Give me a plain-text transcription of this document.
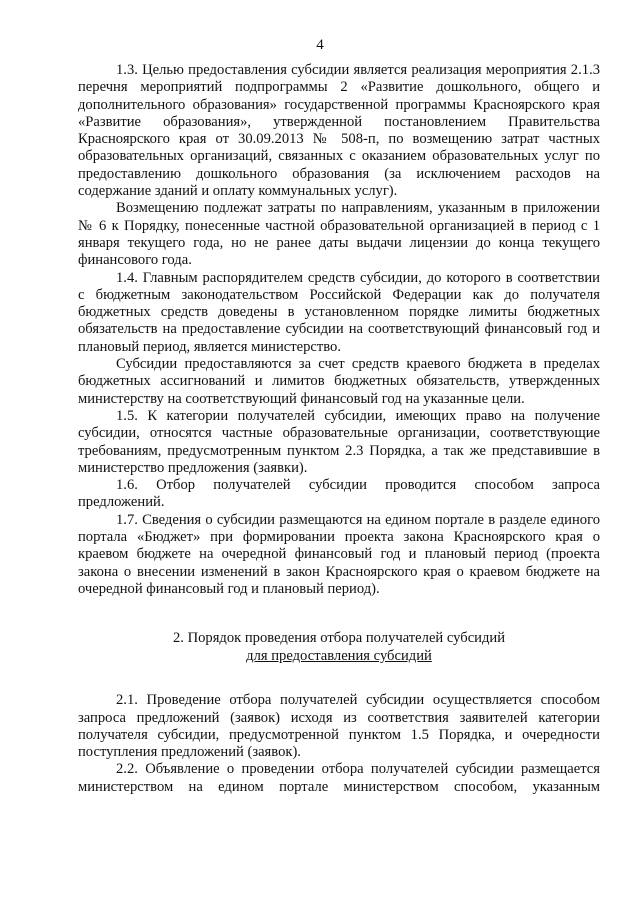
4

1.3. Целью предоставления субсидии является реализация мероприятия 2.1.3 перечня мероприятий подпрограммы 2 «Развитие дошкольного, общего и дополнительного образования» государственной программы Красноярского края «Развитие образования», утвержденной постановлением Правительства Красноярского края от 30.09.2013 № 508-п, по возмещению затрат частных образовательных организаций, связанных с оказанием образовательных услуг по предоставлению дошкольного образования (за исключением расходов на содержание зданий и оплату коммунальных услуг).

Возмещению подлежат затраты по направлениям, указанным в приложении № 6 к Порядку, понесенные частной образовательной организацией в период с 1 января текущего года, но не ранее даты выдачи лицензии до конца текущего финансового года.

1.4. Главным распорядителем средств субсидии, до которого в соответствии с бюджетным законодательством Российской Федерации как до получателя бюджетных средств доведены в установленном порядке лимиты бюджетных обязательств на предоставление субсидии на соответствующий финансовый год и плановый период, является министерство.

Субсидии предоставляются за счет средств краевого бюджета в пределах бюджетных ассигнований и лимитов бюджетных обязательств, утвержденных министерству на соответствующий финансовый год на указанные цели.

1.5. К категории получателей субсидии, имеющих право на получение субсидии, относятся частные образовательные организации, соответствующие требованиям, предусмотренным пунктом 2.3 Порядка, а так же представившие в министерство предложения (заявки).

1.6. Отбор получателей субсидии проводится способом запроса предложений.

1.7. Сведения о субсидии размещаются на едином портале в разделе единого портала «Бюджет» при формировании проекта закона Красноярского края о краевом бюджете на очередной финансовый год и плановый период (проекта закона о внесении изменений в закон Красноярского края о краевом бюджете на очередной финансовый год и плановый период).

2. Порядок проведения отбора получателей субсидий
для предоставления субсидий

2.1. Проведение отбора получателей субсидии осуществляется способом запроса предложений (заявок) исходя из соответствия заявителей категории получателя субсидии, предусмотренной пунктом 1.5 Порядка, и очередности поступления предложений (заявок).

2.2. Объявление о проведении отбора получателей субсидии размещается министерством на едином портале министерством способом, указанным
